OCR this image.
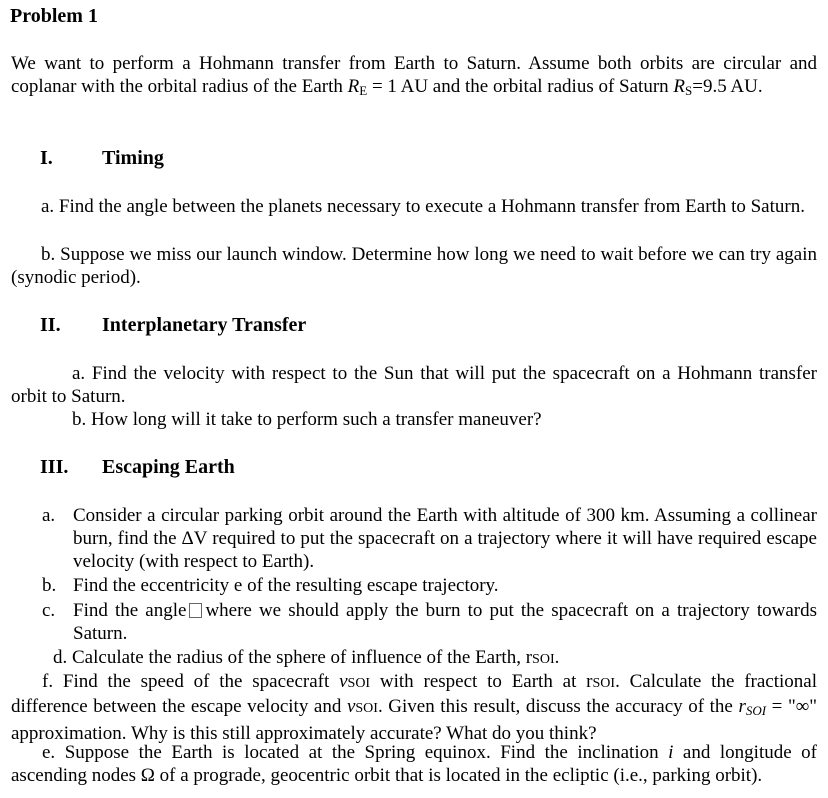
Problem 1
We want to perform a Hohmann transfer from Earth to Saturn. Assume both orbits are circular and coplanar with the orbital radius of the Earth $R_E = 1$ AU and the orbital radius of Saturn $R_S=9.5$ AU.
I. Timing
a. Find the angle between the planets necessary to execute a Hohmann transfer from Earth to Saturn.
b. Suppose we miss our launch window. Determine how long we need to wait before we can try again (synodic period).
II. Interplanetary Transfer
a. Find the velocity with respect to the Sun that will put the spacecraft on a Hohmann transfer orbit to Saturn.
b. How long will it take to perform such a transfer maneuver?
III. Escaping Earth
a. Consider a circular parking orbit around the Earth with altitude of 300 km. Assuming a collinear burn, find the ΔV required to put the spacecraft on a trajectory where it will have required escape velocity (with respect to Earth).
b. Find the eccentricity e of the resulting escape trajectory.
c. Find the angle where we should apply the burn to put the spacecraft on a trajectory towards Saturn.
d. Calculate the radius of the sphere of influence of the Earth, rSOI.
f. Find the speed of the spacecraft vSOI with respect to Earth at rSOI. Calculate the fractional difference between the escape velocity and vSOI. Given this result, discuss the accuracy of the $r_{SOI}$ = "∞" approximation. Why is this still approximately accurate? What do you think?
e. Suppose the Earth is located at the Spring equinox. Find the inclination i and longitude of ascending nodes Ω of a prograde, geocentric orbit that is located in the ecliptic (i.e., parking orbit).
